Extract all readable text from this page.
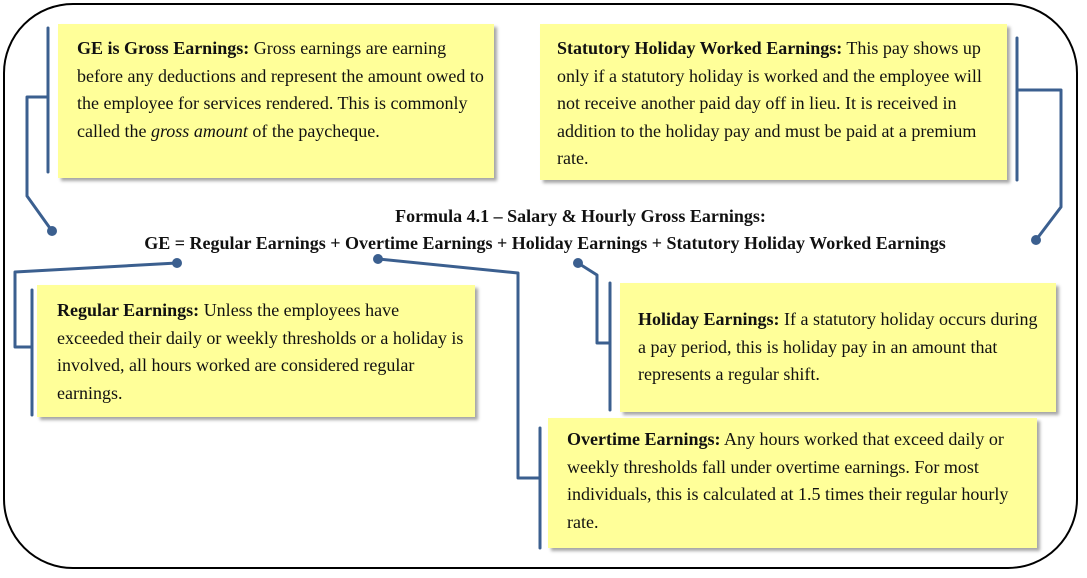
GE is Gross Earnings: Gross earnings are earning before any deductions and represent the amount owed to the employee for services rendered. This is commonly called the gross amount of the paycheque.
Statutory Holiday Worked Earnings: This pay shows up only if a statutory holiday is worked and the employee will not receive another paid day off in lieu. It is received in addition to the holiday pay and must be paid at a premium rate.
Formula 4.1 – Salary & Hourly Gross Earnings:
GE = Regular Earnings + Overtime Earnings + Holiday Earnings + Statutory Holiday Worked Earnings
Regular Earnings: Unless the employees have exceeded their daily or weekly thresholds or a holiday is involved, all hours worked are considered regular earnings.
Holiday Earnings: If a statutory holiday occurs during a pay period, this is holiday pay in an amount that represents a regular shift.
Overtime Earnings: Any hours worked that exceed daily or weekly thresholds fall under overtime earnings. For most individuals, this is calculated at 1.5 times their regular hourly rate.
